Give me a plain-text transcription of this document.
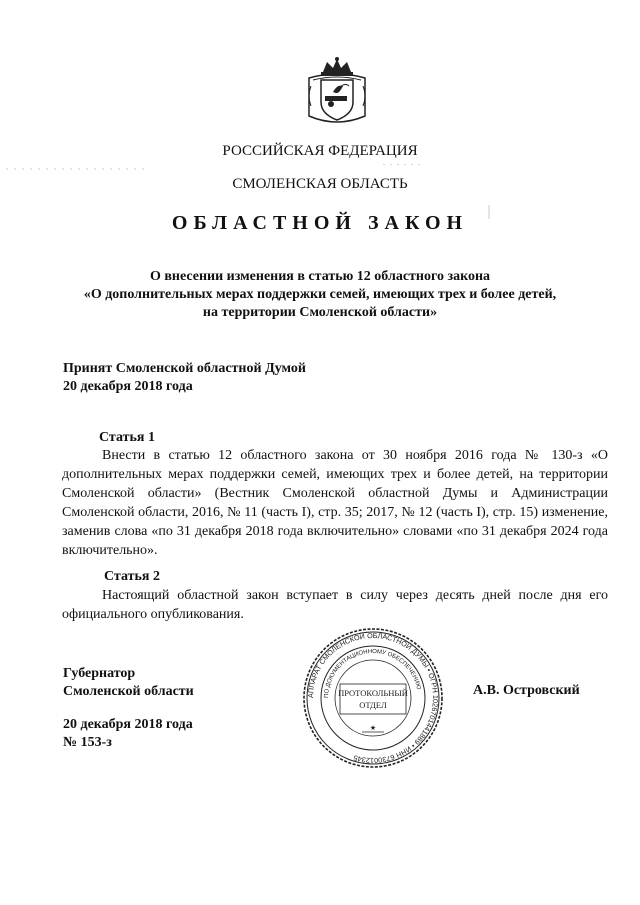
РОССИЙСКАЯ ФЕДЕРАЦИЯ
СМОЛЕНСКАЯ ОБЛАСТЬ
ОБЛАСТНОЙ ЗАКОН
О внесении изменения в статью 12 областного закона
«О дополнительных мерах поддержки семей, имеющих трех и более детей,
на территории Смоленской области»
Принят Смоленской областной Думой
20 декабря 2018 года
Статья 1
Внести в статью 12 областного закона от 30 ноября 2016 года № 130-з «О дополнительных мерах поддержки семей, имеющих трех и более детей, на территории Смоленской области» (Вестник Смоленской областной Думы и Администрации Смоленской области, 2016, № 11 (часть I), стр. 35; 2017, № 12 (часть I), стр. 15) изменение, заменив слова «по 31 декабря 2018 года включительно» словами «по 31 декабря 2024 года включительно».
Статья 2
Настоящий областной закон вступает в силу через десять дней после дня его официального опубликования.
Губернатор
Смоленской области	А.В. Островский
20 декабря 2018 года
№ 153-з
АППАРАТ СМОЛЕНСКОЙ ОБЛАСТНОЙ ДУМЫ • ОГРН 1026701441889 • ИНН 6730012345
ПО ДОКУМЕНТАЦИОННОМУ ОБЕСПЕЧЕНИЮ
ПРОТОКОЛЬНЫЙ
ОТДЕЛ
★
